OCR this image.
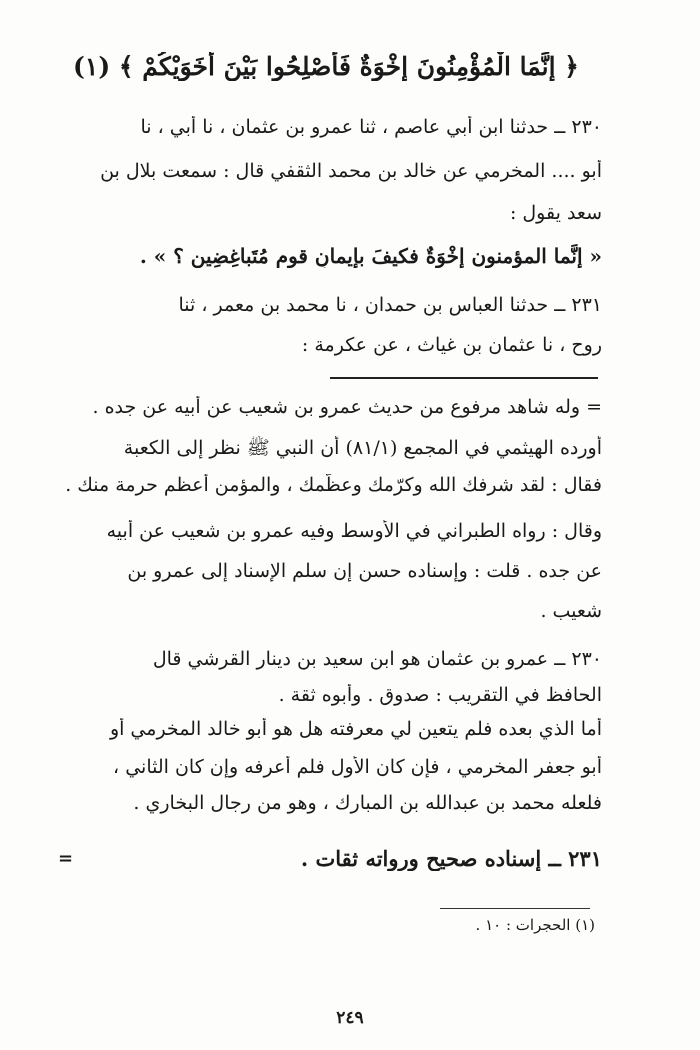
﴿ إِنَّمَا الْمُؤْمِنُونَ إِخْوَةٌ فَأَصْلِحُوا بَيْنَ أَخَوَيْكُمْ ﴾ (١)
٢٣٠ ــ حدثنا ابن أبي عاصم ، ثنا عمرو بن عثمان ، نا أبي ، نا
أبو .... المخرمي عن خالد بن محمد الثقفي قال : سمعت بلال بن
سعد يقول :
« إِنَّما المؤمنون إِخْوَةٌ فكيفَ بإيمانِ قومٍ مُتَباغِضِين ؟ » .
٢٣١ ــ حدثنا العباس بن حمدان ، نا محمد بن معمر ، ثنا
روح ، نا عثمان بن غياث ، عن عكرمة :
= وله شاهد مرفوع من حديث عمرو بن شعيب عن أبيه عن جده .
أورده الهيثمي في المجمع (٨١/١) أن النبي ﷺ نظر إلى الكعبة
فقال : لقد شرفك الله وكرّمك وعظّمك ، والمؤمن أعظم حرمة منك .
وقال : رواه الطبراني في الأوسط وفيه عمرو بن شعيب عن أبيه
عن جده . قلت : وإسناده حسن إن سلم الإسناد إلى عمرو بن
شعيب .
٢٣٠ ــ عمرو بن عثمان هو ابن سعيد بن دينار القرشي قال
الحافظ في التقريب : صدوق . وأبوه ثقة .
أما الذي بعده فلم يتعين لي معرفته هل هو أبو خالد المخرمي أو
أبو جعفر المخرمي ، فإن كان الأول فلم أعرفه وإن كان الثاني ،
فلعله محمد بن عبدالله بن المبارك ، وهو من رجال البخاري .
٢٣١ ــ إسناده صحيح ورواته ثقات .
=
(١) الحجرات : ١٠ .
٢٤٩
